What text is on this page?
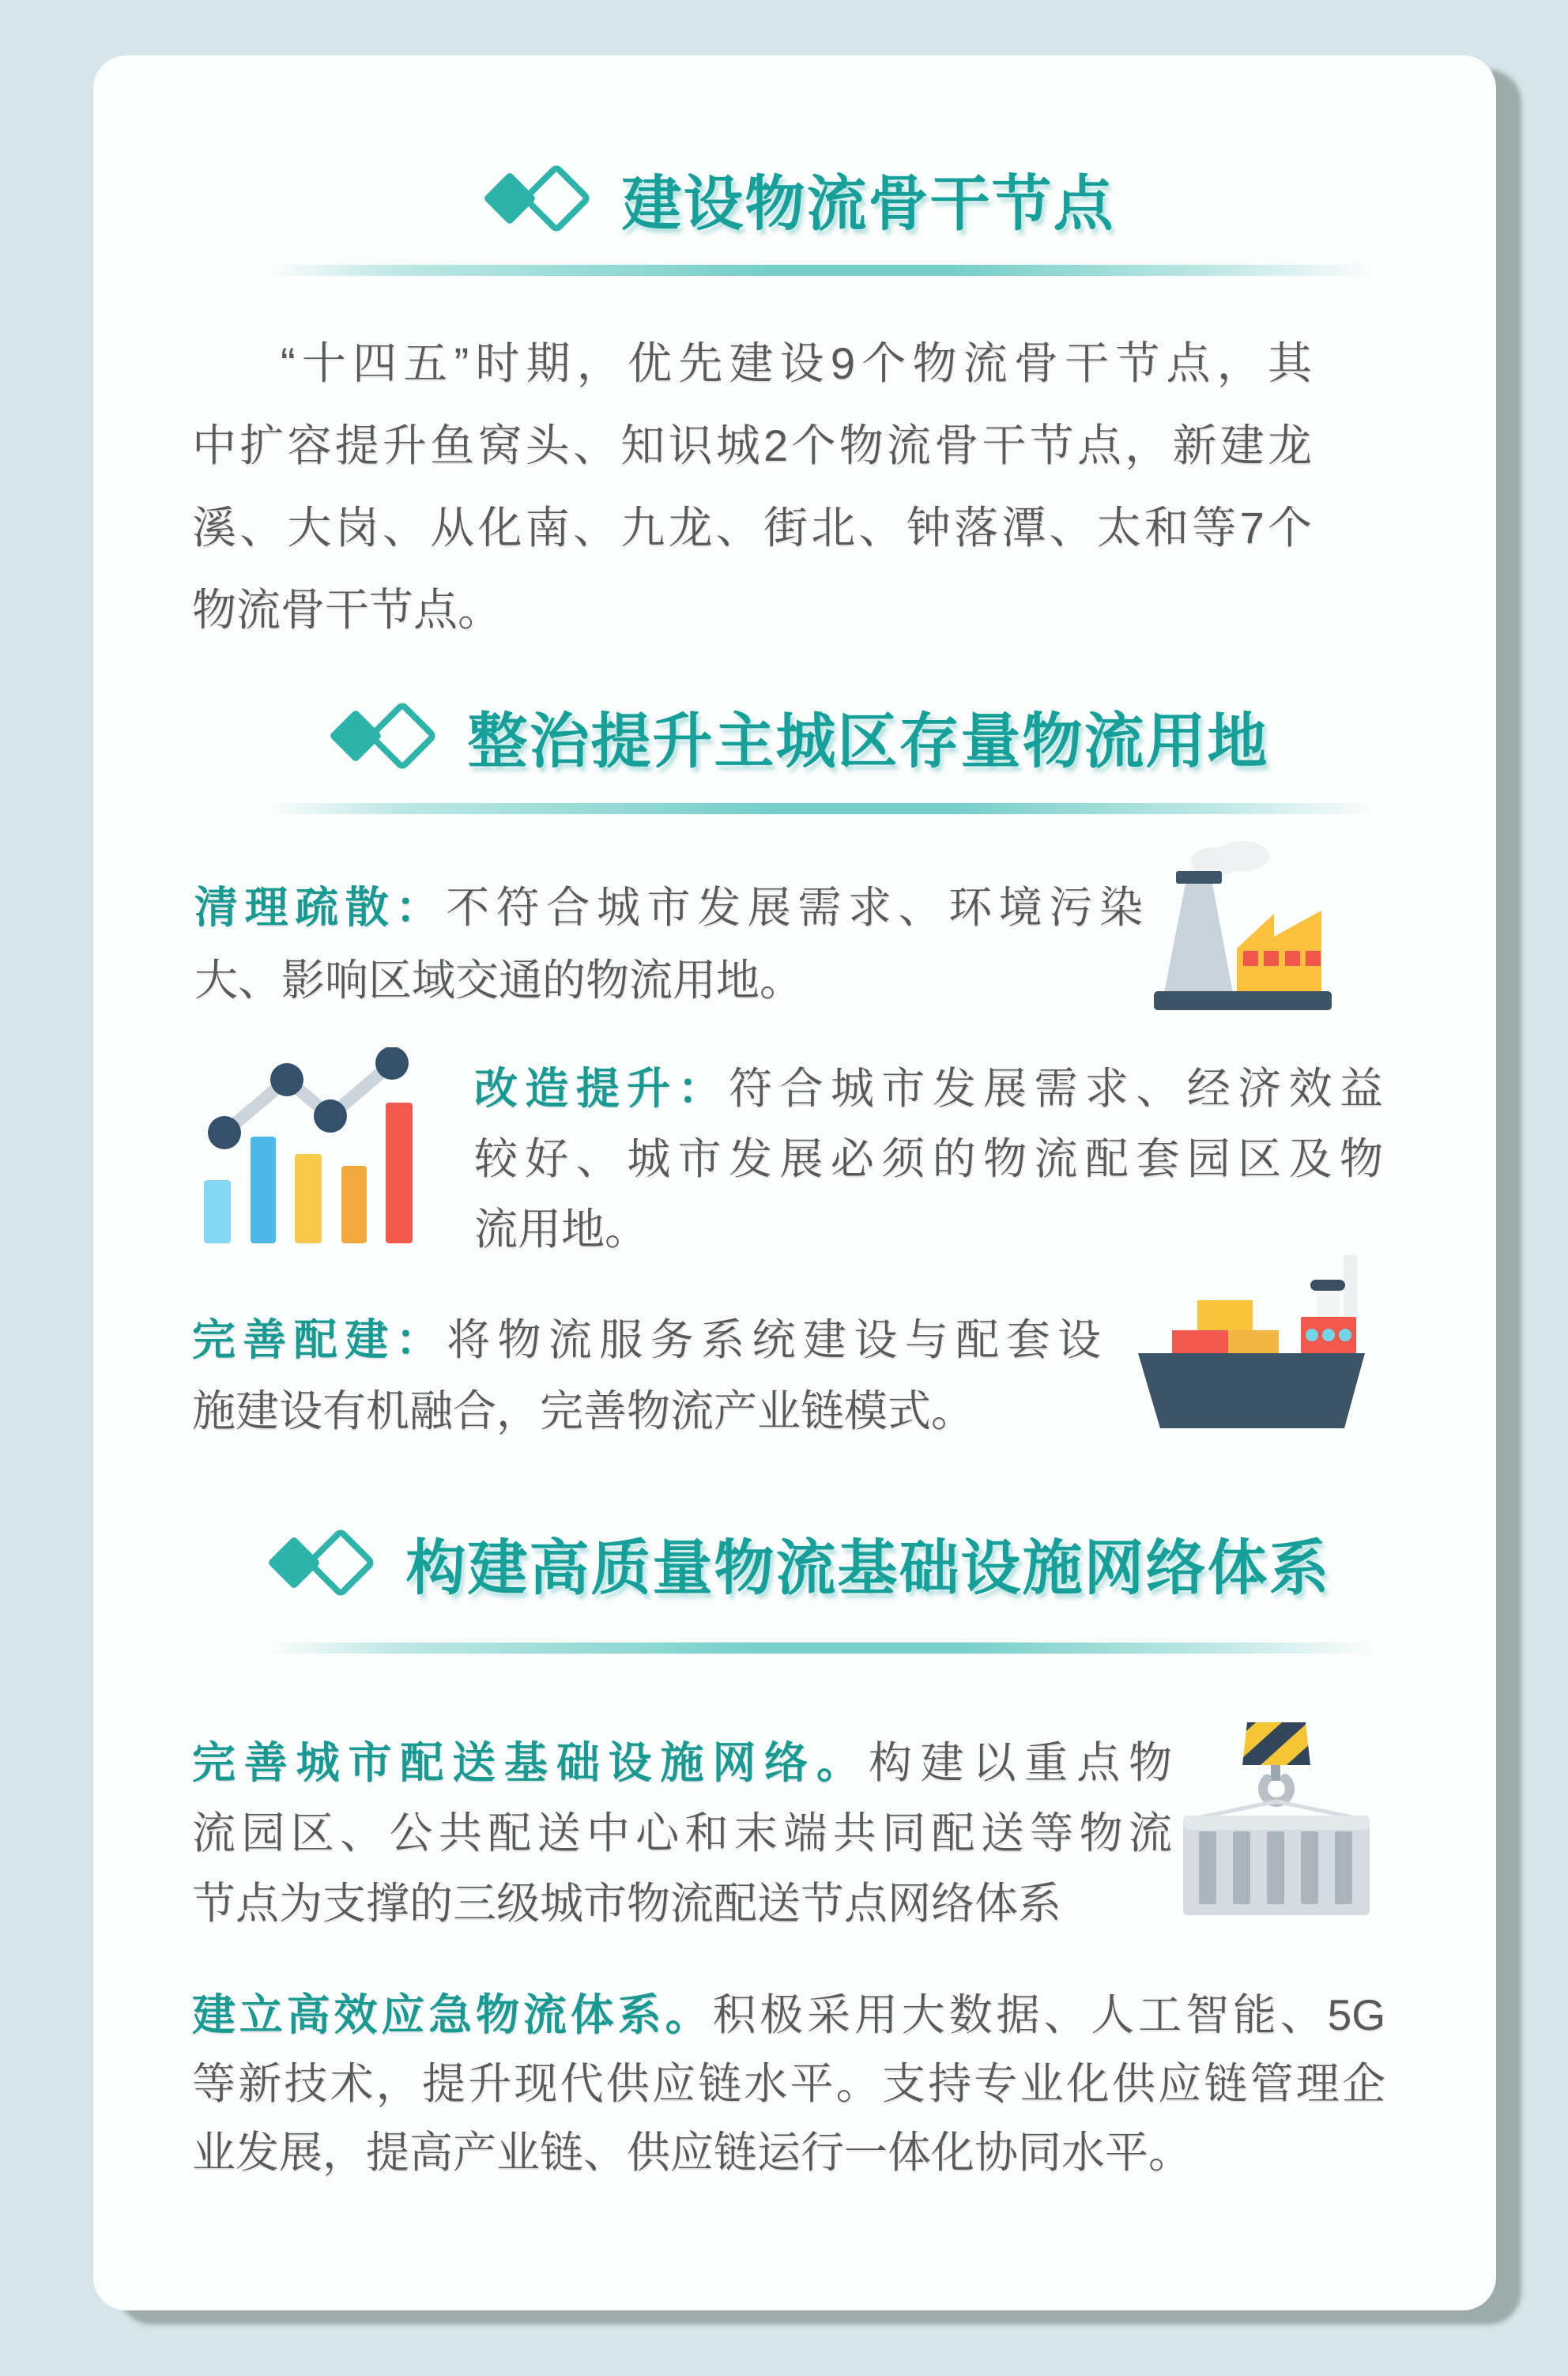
建设物流骨干节点
“十四五”时期，优先建设9个物流骨干节点，其
中扩容提升鱼窝头、知识城2个物流骨干节点，新建龙
溪、大岗、从化南、九龙、街北、钟落潭、太和等7个
物流骨干节点。
整治提升主城区存量物流用地
清理疏散：不符合城市发展需求、环境污染
大、影响区域交通的物流用地。
改造提升：符合城市发展需求、经济效益
较好、城市发展必须的物流配套园区及物
流用地。
完善配建：将物流服务系统建设与配套设
施建设有机融合，完善物流产业链模式。
构建高质量物流基础设施网络体系
完善城市配送基础设施网络。构建以重点物
流园区、公共配送中心和末端共同配送等物流
节点为支撑的三级城市物流配送节点网络体系
建立高效应急物流体系。积极采用大数据、人工智能、5G
等新技术，提升现代供应链水平。支持专业化供应链管理企
业发展，提高产业链、供应链运行一体化协同水平。
